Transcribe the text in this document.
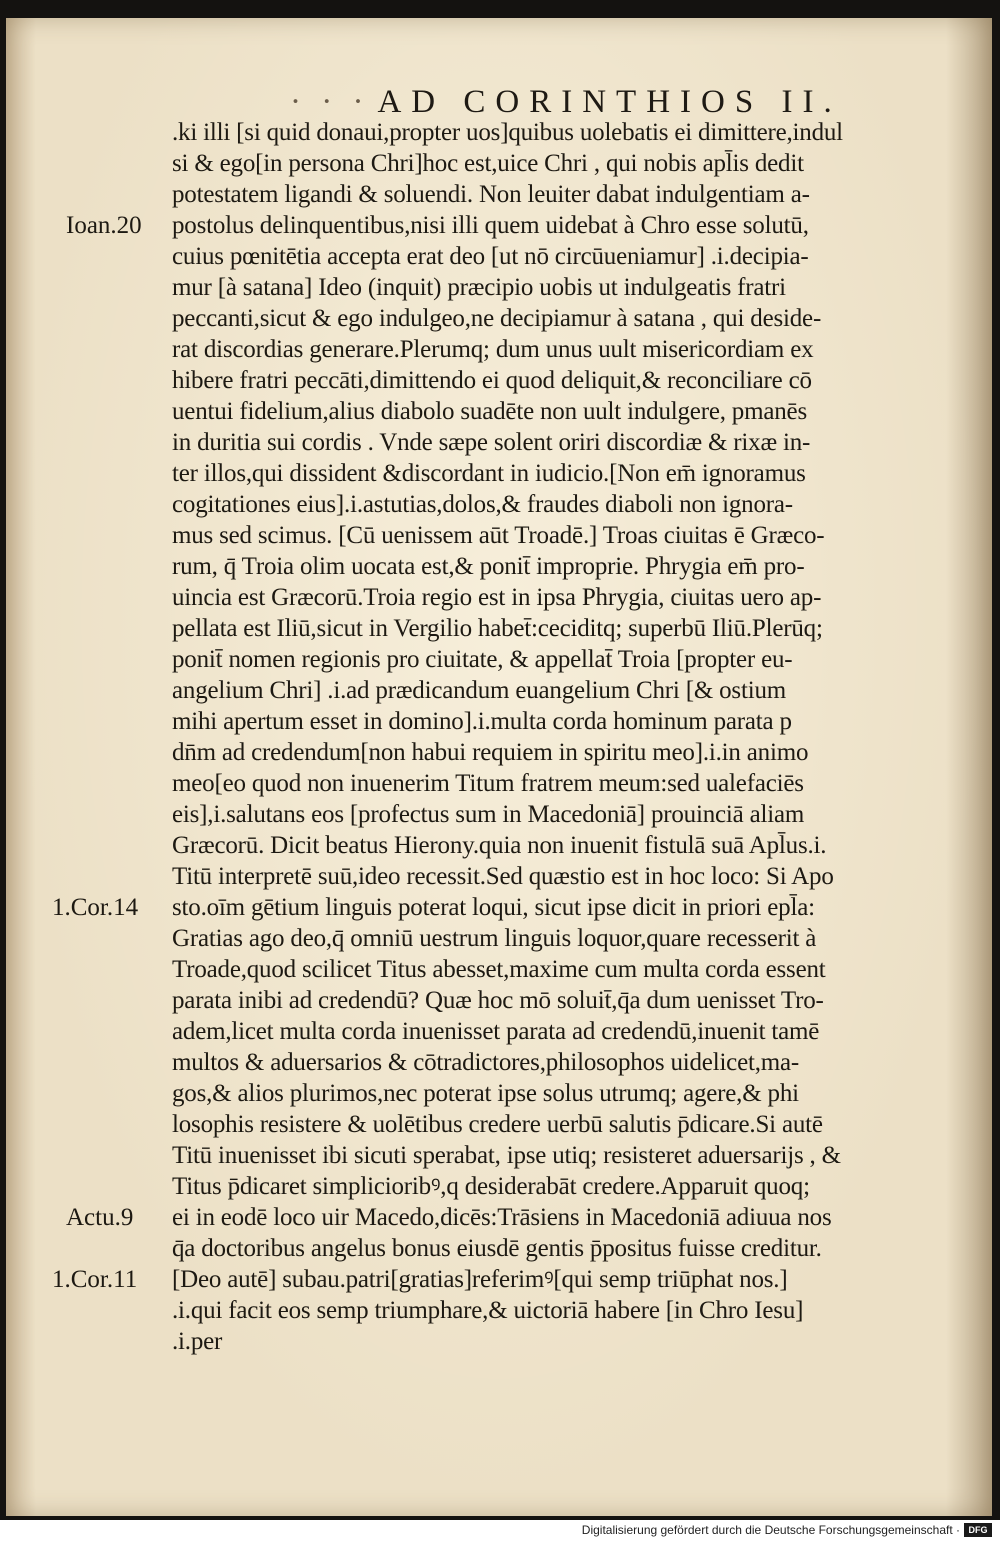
· · · AD CORINTHIOS II.
.ki illi [si quid donaui,propter uos]quibus uolebatis ei dimittere,indul
si & ego[in persona Chri]hoc est,uice Chri , qui nobis apl̄is dedit
potestatem ligandi & soluendi. Non leuiter dabat indulgentiam a-
postolus delinquentibus,nisi illi quem uidebat à Chro esse solutū,
cuius pœnitētia accepta erat deo [ut nō circūueniamur] .i.decipia-
mur [à satana] Ideo (inquit) præcipio uobis ut indulgeatis fratri
peccanti,sicut & ego indulgeo,ne decipiamur à satana , qui deside-
rat discordias generare.Plerumq; dum unus uult misericordiam ex
hibere fratri peccāti,dimittendo ei quod deliquit,& reconciliare cō
uentui fidelium,alius diabolo suadēte non uult indulgere, pmanēs
in duritia sui cordis . Vnde sæpe solent oriri discordiæ & rixæ in-
ter illos,qui dissident &discordant in iudicio.[Non em̄ ignoramus
cogitationes eius].i.astutias,dolos,& fraudes diaboli non ignora-
mus sed scimus. [Cū uenissem aūt Troadē.] Troas ciuitas ē Græco-
rum, q̄ Troia olim uocata est,& ponit̄ improprie. Phrygia em̄ pro-
uincia est Græcorū.Troia regio est in ipsa Phrygia, ciuitas uero ap-
pellata est Iliū,sicut in Vergilio habet̄:ceciditq; superbū Iliū.Plerūq;
ponit̄ nomen regionis pro ciuitate, & appellat̄ Troia [propter eu-
angelium Chri] .i.ad prædicandum euangelium Chri [& ostium
mihi apertum esset in domino].i.multa corda hominum parata p
dn̄m ad credendum[non habui requiem in spiritu meo].i.in animo
meo[eo quod non inuenerim Titum fratrem meum:sed ualefaciēs
eis],i.salutans eos [profectus sum in Macedoniā] prouinciā aliam
Græcorū. Dicit beatus Hierony.quia non inuenit fistulā suā Apl̄us.i.
Titū interpretē suū,ideo recessit.Sed quæstio est in hoc loco: Si Apo
sto.oīm gētium linguis poterat loqui, sicut ipse dicit in priori epl̄a:
Gratias ago deo,q̄ omniū uestrum linguis loquor,quare recesserit à
Troade,quod scilicet Titus abesset,maxime cum multa corda essent
parata inibi ad credendū? Quæ hoc mō soluit̄,q̄a dum uenisset Tro-
adem,licet multa corda inuenisset parata ad credendū,inuenit tamē
multos & aduersarios & cōtradictores,philosophos uidelicet,ma-
gos,& alios plurimos,nec poterat ipse solus utrumq; agere,& phi
losophis resistere & uolētibus credere uerbū salutis p̄dicare.Si autē
Titū inuenisset ibi sicuti sperabat, ipse utiq; resisteret aduersarijs , &
Titus p̄dicaret simplicioribꝰ,q desiderabāt credere.Apparuit quoq;
ei in eodē loco uir Macedo,dicēs:Trāsiens in Macedoniā adiuua nos
q̄a doctoribus angelus bonus eiusdē gentis p̄positus fuisse creditur.
[Deo autē] subau.patri[gratias]referimꝰ[qui semp triūphat nos.]
.i.qui facit eos semp triumphare,& uictoriā habere [in Chro Iesu]
.i.per
Ioan.20
1.Cor.14
Actu.9
1.Cor.11
Digitalisierung gefördert durch die Deutsche Forschungsgemeinschaft · DFG
